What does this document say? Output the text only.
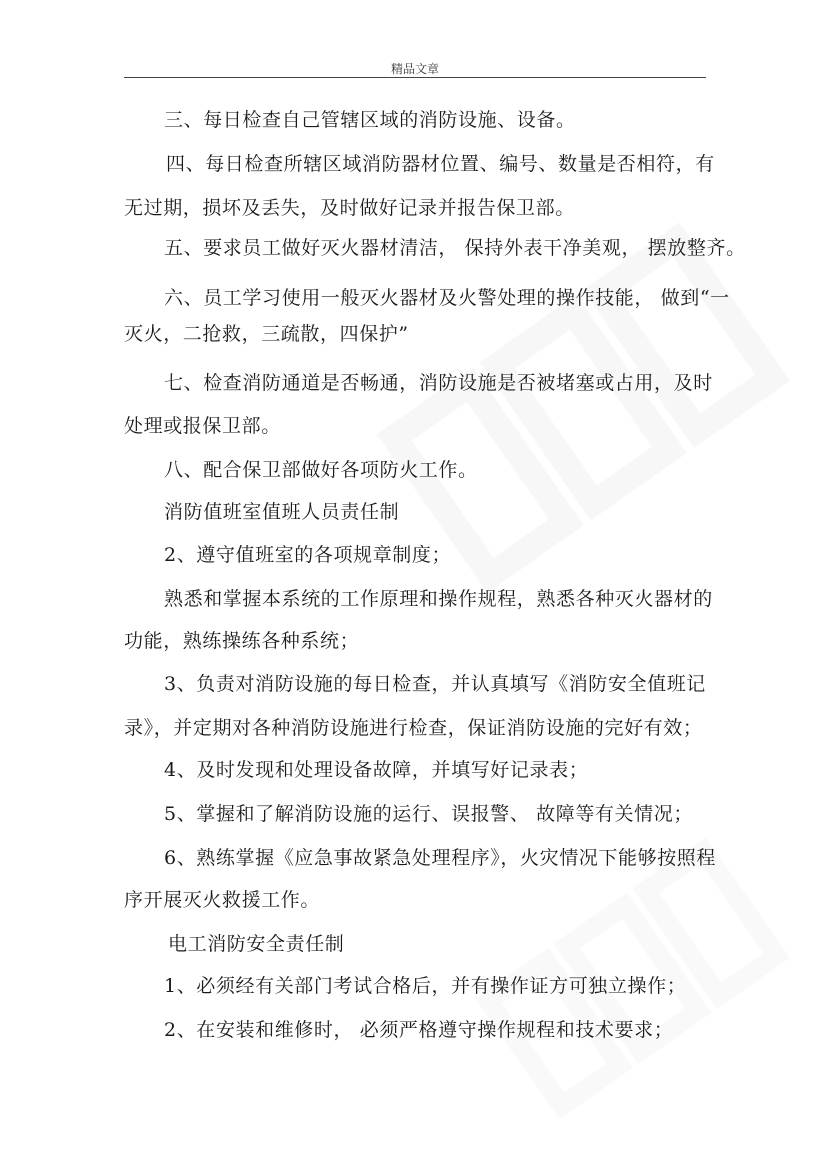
精品文章
三、每日检查自己管辖区域的消防设施、设备。
四、每日检查所辖区域消防器材位置、编号、数量是否相符，有
无过期，损坏及丢失，及时做好记录并报告保卫部。
五、要求员工做好灭火器材清洁， 保持外表干净美观， 摆放整齐。
六、员工学习使用一般灭火器材及火警处理的操作技能， 做到“一
灭火，二抢救，三疏散，四保护”
七、检查消防通道是否畅通，消防设施是否被堵塞或占用，及时
处理或报保卫部。
八、配合保卫部做好各项防火工作。
消防值班室值班人员责任制
2、遵守值班室的各项规章制度；
熟悉和掌握本系统的工作原理和操作规程，熟悉各种灭火器材的
功能，熟练操练各种系统；
3、负责对消防设施的每日检查，并认真填写《消防安全值班记
录》，并定期对各种消防设施进行检查，保证消防设施的完好有效；
4、及时发现和处理设备故障，并填写好记录表；
5、掌握和了解消防设施的运行、误报警、 故障等有关情况；
6、熟练掌握《应急事故紧急处理程序》，火灾情况下能够按照程
序开展灭火救援工作。
电工消防安全责任制
1、必须经有关部门考试合格后，并有操作证方可独立操作；
2、在安装和维修时， 必须严格遵守操作规程和技术要求；
